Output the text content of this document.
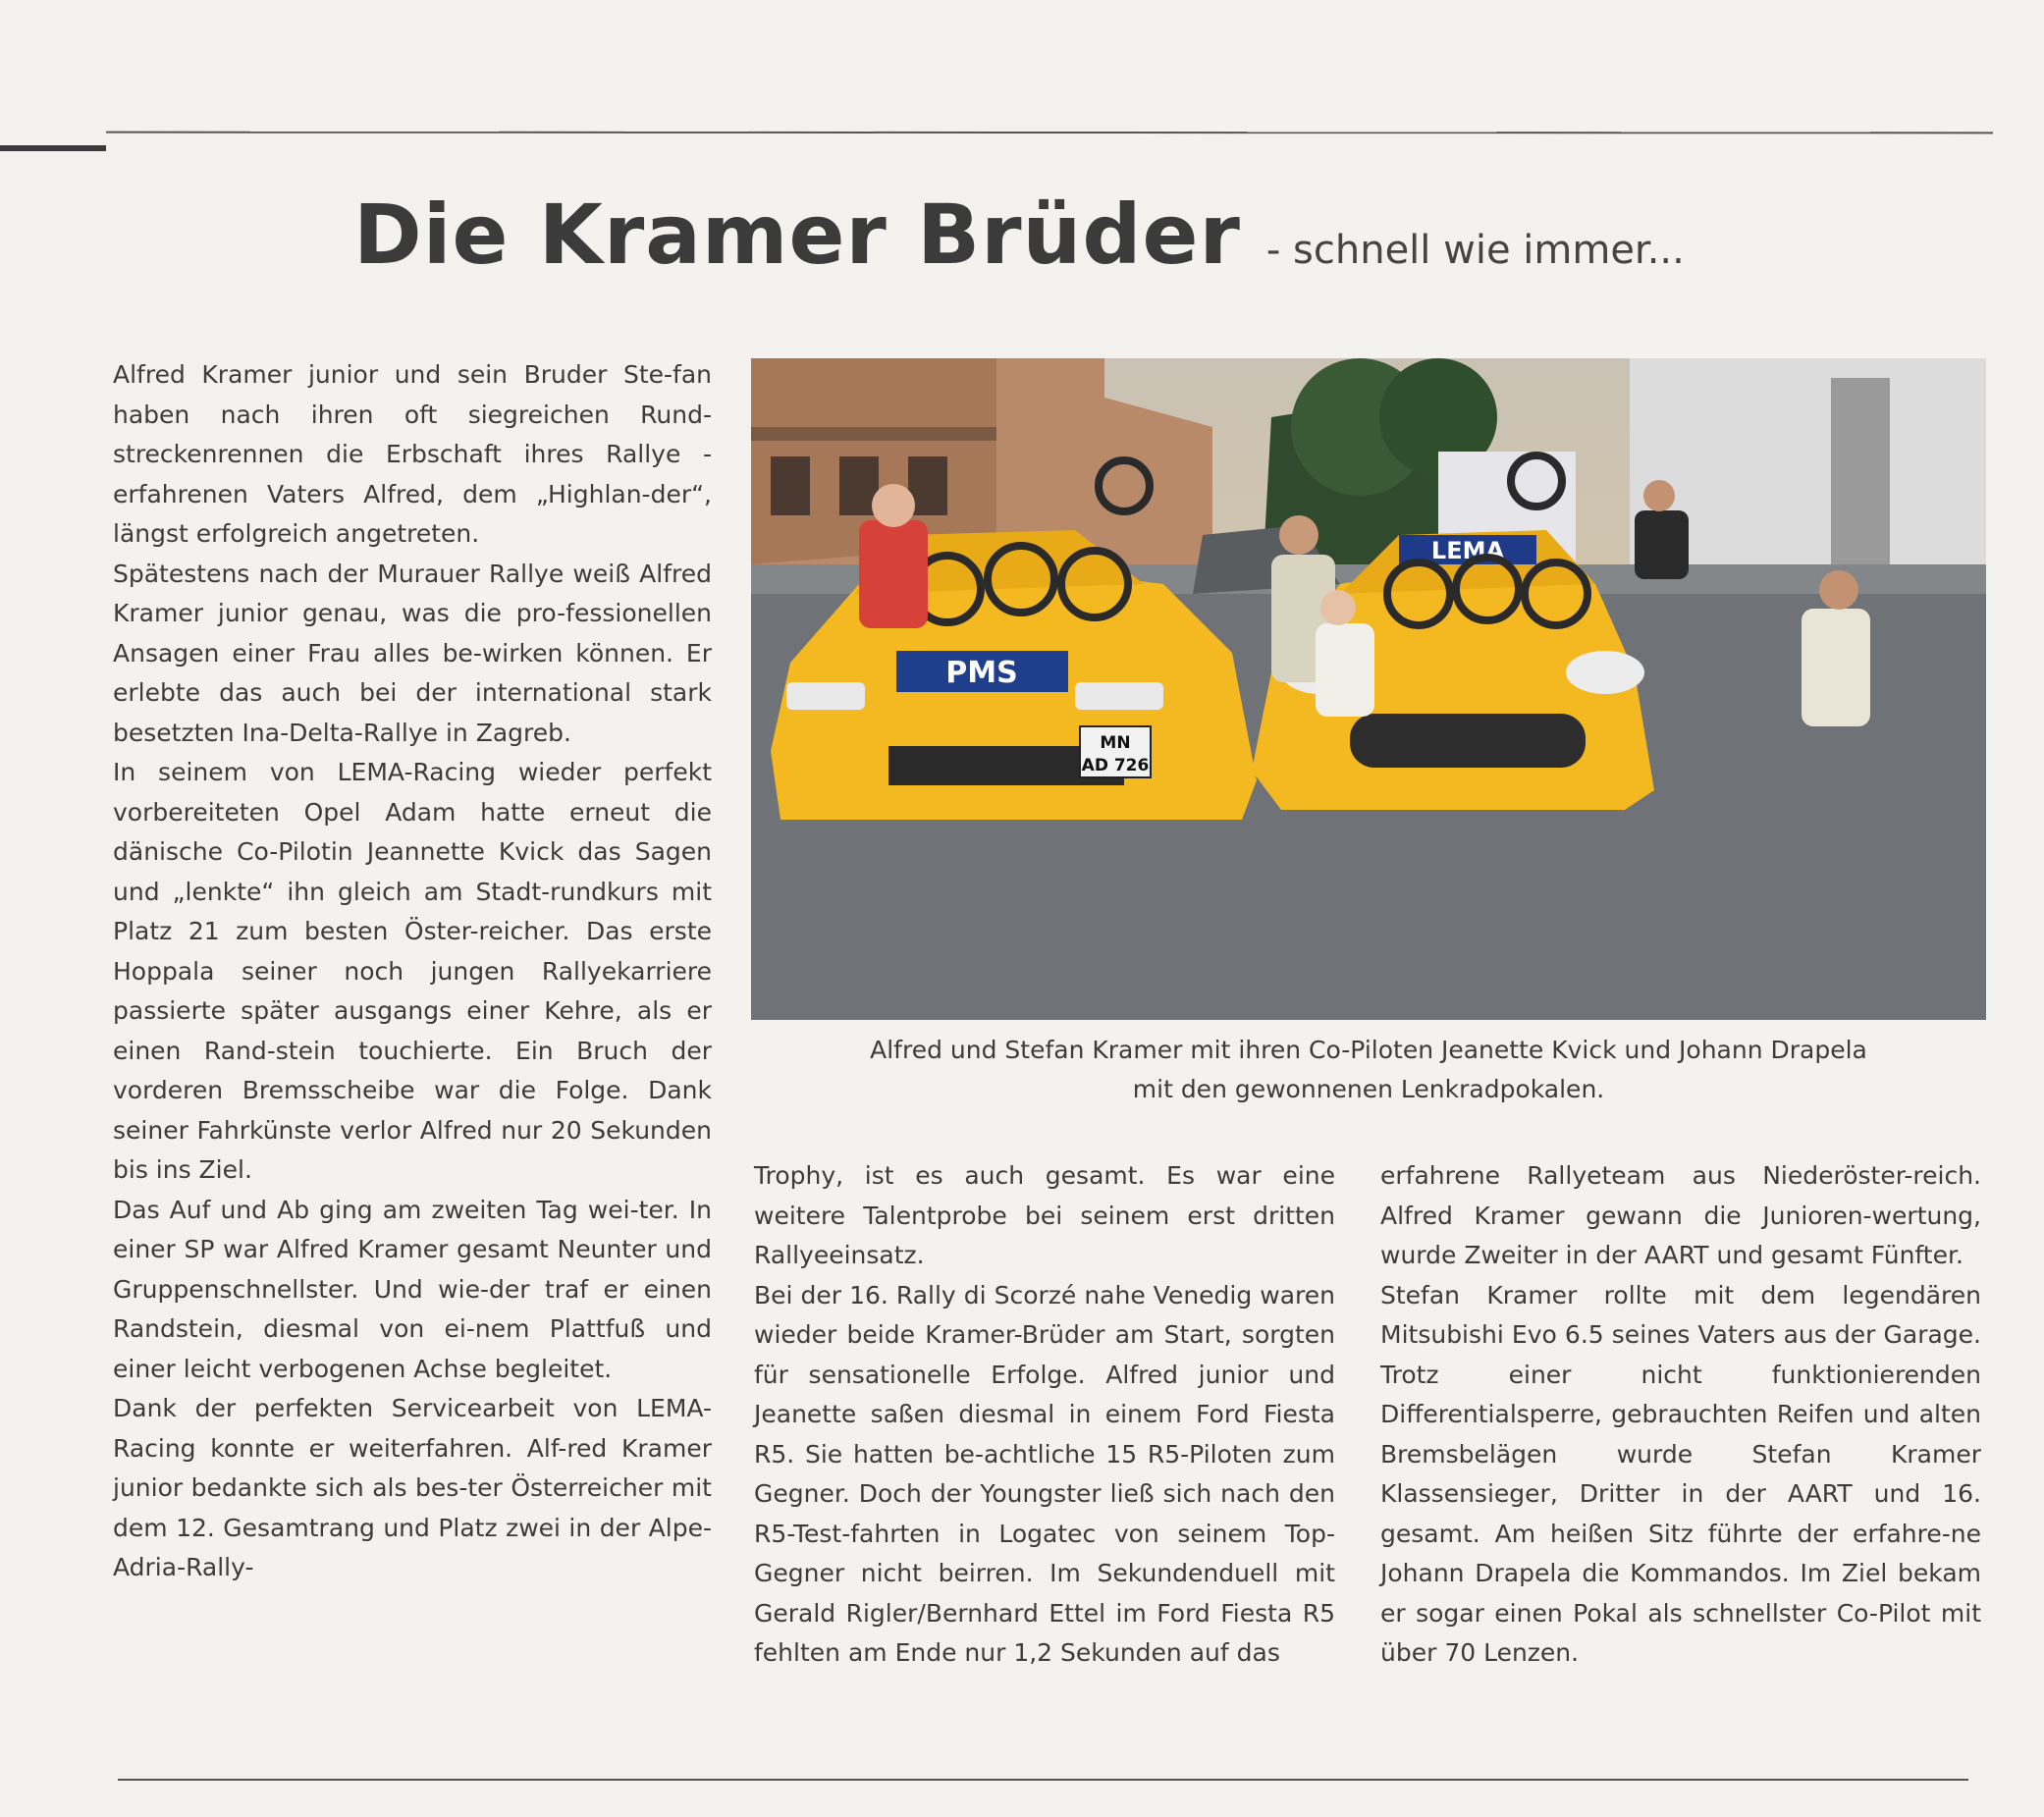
Die Kramer Brüder - schnell wie immer...

Alfred Kramer junior und sein Bruder Ste-fan haben nach ihren oft siegreichen Rund-streckenrennen die Erbschaft ihres Rallye -erfahrenen Vaters Alfred, dem „Highlan-der“, längst erfolgreich angetreten.

Spätestens nach der Murauer Rallye weiß Alfred Kramer junior genau, was die pro-fessionellen Ansagen einer Frau alles be-wirken können. Er erlebte das auch bei der international stark besetzten Ina-Delta-Rallye in Zagreb.

In seinem von LEMA-Racing wieder perfekt vorbereiteten Opel Adam hatte erneut die dänische Co-Pilotin Jeannette Kvick das Sagen und „lenkte“ ihn gleich am Stadt-rundkurs mit Platz 21 zum besten Öster-reicher. Das erste Hoppala seiner noch jungen Rallyekarriere passierte später ausgangs einer Kehre, als er einen Rand-stein touchierte. Ein Bruch der vorderen Bremsscheibe war die Folge. Dank seiner Fahrkünste verlor Alfred nur 20 Sekunden bis ins Ziel.

Das Auf und Ab ging am zweiten Tag wei-ter. In einer SP war Alfred Kramer gesamt Neunter und Gruppenschnellster. Und wie-der traf er einen Randstein, diesmal von ei-nem Plattfuß und einer leicht verbogenen Achse begleitet.

Dank der perfekten Servicearbeit von LEMA-Racing konnte er weiterfahren. Alf-red Kramer junior bedankte sich als bes-ter Österreicher mit dem 12. Gesamtrang und Platz zwei in der Alpe-Adria-Rally-

PMS
MN
AD 726
LEMA
Alfred und Stefan Kramer mit ihren Co-Piloten Jeanette Kvick und Johann Drapela
mit den gewonnenen Lenkradpokalen.

Trophy, ist es auch gesamt. Es war eine weitere Talentprobe bei seinem erst dritten Rallyeeinsatz.

Bei der 16. Rally di Scorzé nahe Venedig waren wieder beide Kramer-Brüder am Start, sorgten für sensationelle Erfolge. Alfred junior und Jeanette saßen diesmal in einem Ford Fiesta R5. Sie hatten be-achtliche 15 R5-Piloten zum Gegner. Doch der Youngster ließ sich nach den R5-Test-fahrten in Logatec von seinem Top-Gegner nicht beirren. Im Sekundenduell mit Gerald Rigler/Bernhard Ettel im Ford Fiesta R5 fehlten am Ende nur 1,2 Sekunden auf das

erfahrene Rallyeteam aus Niederöster-reich. Alfred Kramer gewann die Junioren-wertung, wurde Zweiter in der AART und gesamt Fünfter.

Stefan Kramer rollte mit dem legendären Mitsubishi Evo 6.5 seines Vaters aus der Garage. Trotz einer nicht funktionierenden Differentialsperre, gebrauchten Reifen und alten Bremsbelägen wurde Stefan Kramer Klassensieger, Dritter in der AART und 16. gesamt. Am heißen Sitz führte der erfahre-ne Johann Drapela die Kommandos. Im Ziel bekam er sogar einen Pokal als schnellster Co-Pilot mit über 70 Lenzen.
